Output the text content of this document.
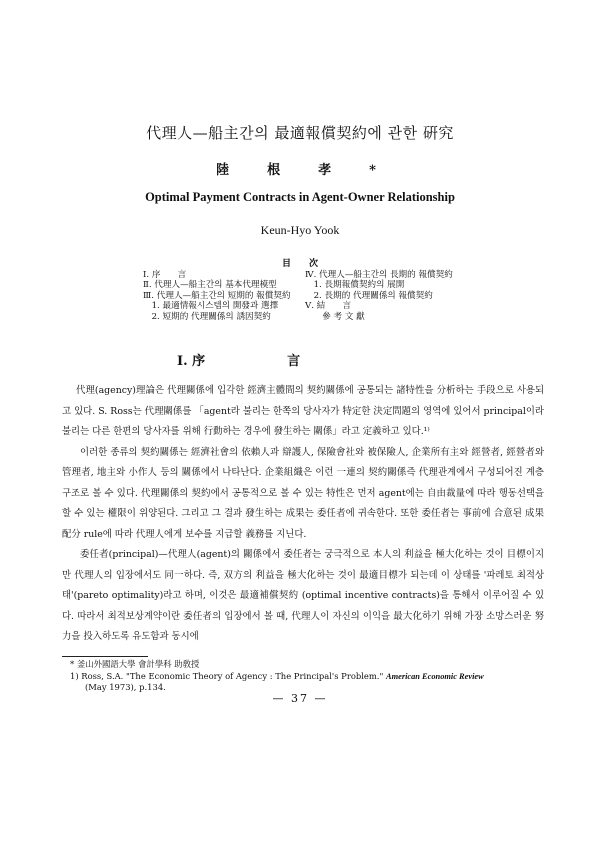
代理人—船主간의 最適報償契約에 관한 硏究
陸根孝*
Optimal Payment Contracts in Agent-Owner Relationship
Keun-Hyo Yook
目次
Ⅰ. 序　　言
Ⅱ. 代理人—船主간의 基本代理模型
Ⅲ. 代理人—船主간의 短期的 報償契約
　1. 最適情報시스템의 開發과 選擇
　2. 短期的 代理關係의 誘因契約
Ⅳ. 代理人—船主간의 長期的 報償契約
　1. 長期報償契約의 展開
　2. 長期的 代理關係의 報償契約
Ⅴ. 結　　言
　　參 考 文 獻
Ⅰ. 序	言

代理(agency)理論은 代理關係에 입각한 經濟主體間의 契約關係에 공통되는 諸特性을 分析하는 手段으로 사용되고 있다. S. Ross는 代理關係를 「agent라 불리는 한쪽의 당사자가 特定한 決定問題의 영역에 있어서 principal이라 불리는 다른 한편의 당사자를 위해 行動하는 경우에 發生하는 關係」라고 定義하고 있다.¹⁾

이러한 종류의 契約關係는 經濟社會의 依賴人과 辯護人, 保險會社와 被保險人, 企業所有主와 經營者, 經營者와 管理者, 地主와 小作人 등의 關係에서 나타난다. 企業組織은 이런 一連의 契約關係즉 代理관계에서 구성되어진 계층구조로 볼 수 있다. 代理關係의 契約에서 공통적으로 볼 수 있는 特性은 먼저 agent에는 自由裁量에 따라 행동선택을 할 수 있는 權限이 위양된다. 그리고 그 결과 發生하는 成果는 委任者에 귀속한다. 또한 委任者는 事前에 合意된 成果配分 rule에 따라 代理人에게 보수를 지급할 義務를 지닌다.

委任者(principal)—代理人(agent)의 關係에서 委任者는 궁극적으로 本人의 利益을 極大化하는 것이 目標이지만 代理人의 입장에서도 同一하다. 즉, 双方의 利益을 極大化하는 것이 最適目標가 되는데 이 상태를 '파레토 최적상태'(pareto optimality)라고 하며, 이것은 最適補償契約 (optimal incentive contracts)을 통해서 이루어질 수 있다. 따라서 최적보상계약이란 委任者의 입장에서 볼 때, 代理人이 자신의 이익을 最大化하기 위해 가장 소망스러운 努力을 投入하도록 유도함과 동시에

* 釜山外國語大學 會計學科 助敎授
1) Ross, S.A. "The Economic Theory of Agency : The Principal's Problem." American Economic Review
(May 1973), p.134.
— 37 —
